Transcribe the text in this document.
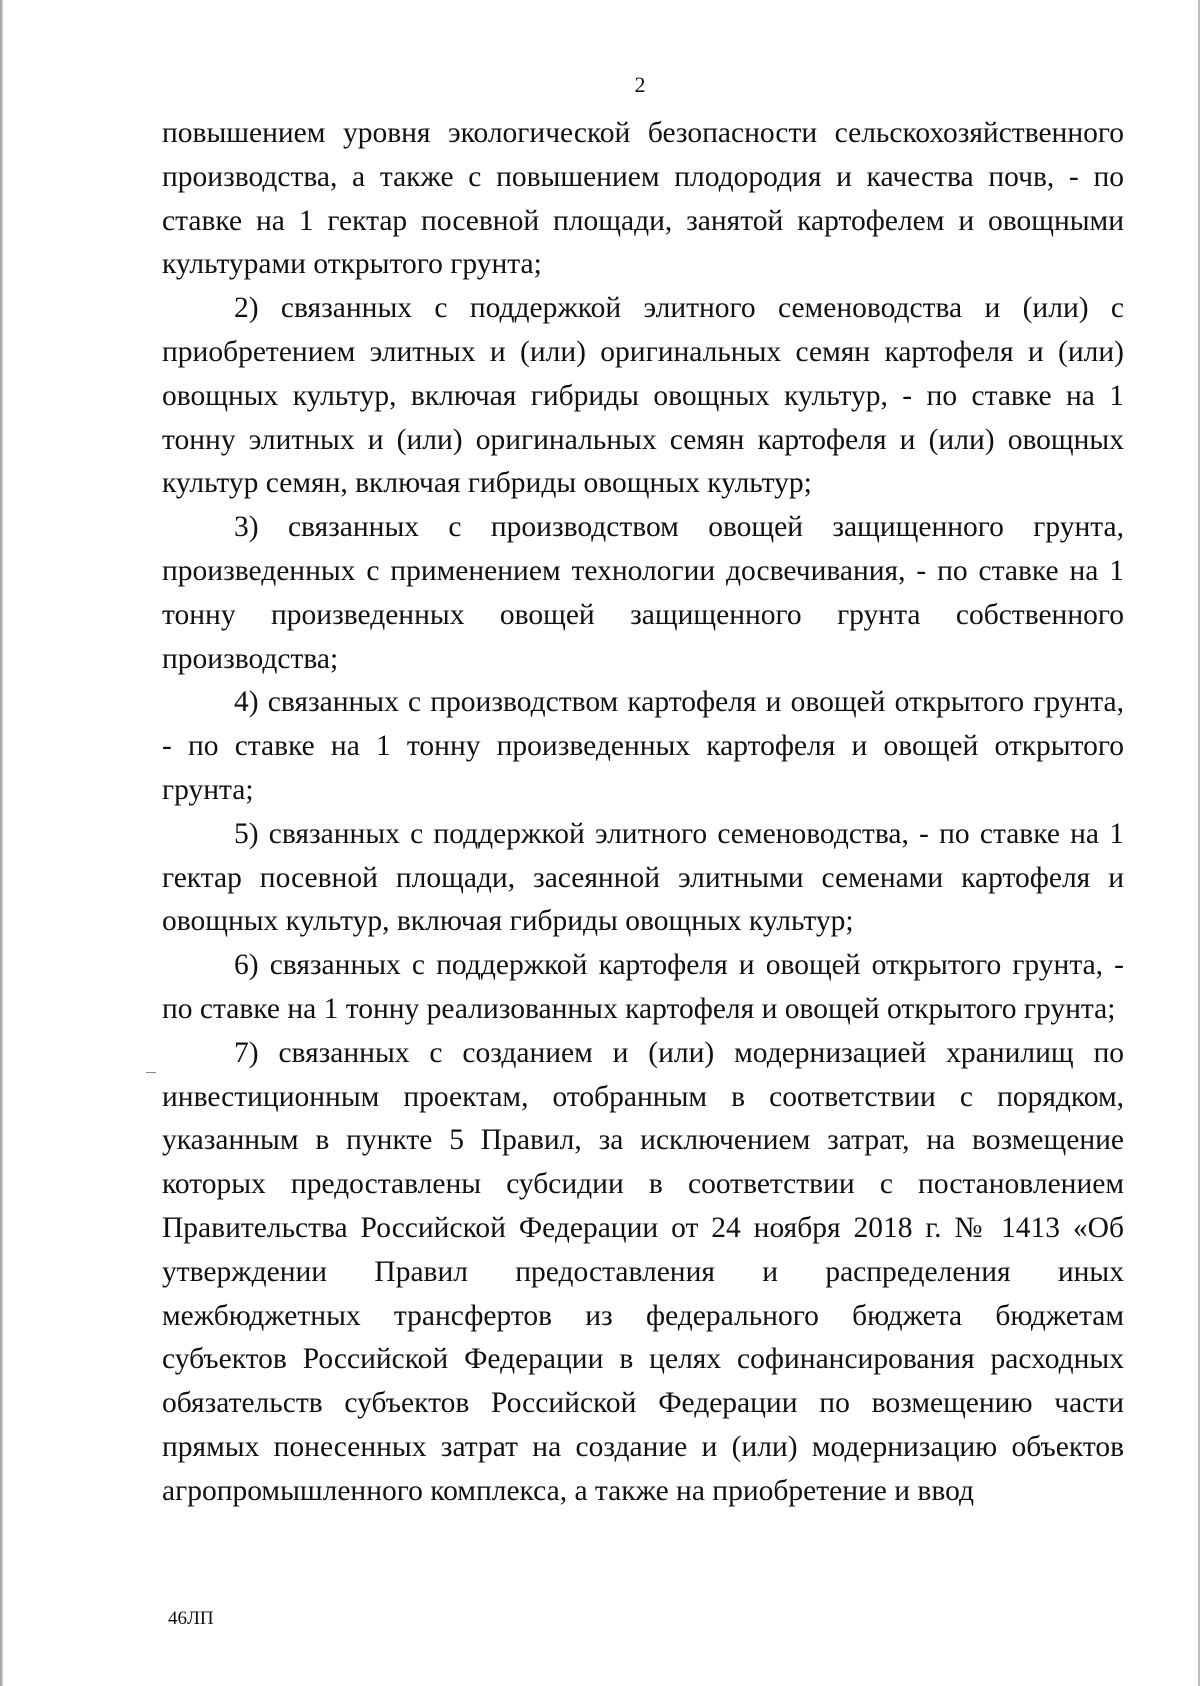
2

повышением уровня экологической безопасности сельскохозяйственного производства, а также с повышением плодородия и качества почв, - по ставке на 1 гектар посевной площади, занятой картофелем и овощными культурами открытого грунта;

2) связанных с поддержкой элитного семеноводства и (или) с приобретением элитных и (или) оригинальных семян картофеля и (или) овощных культур, включая гибриды овощных культур, - по ставке на 1 тонну элитных и (или) оригинальных семян картофеля и (или) овощных культур семян, включая гибриды овощных культур;

3) связанных с производством овощей защищенного грунта, произведенных с применением технологии досвечивания, - по ставке на 1 тонну произведенных овощей защищенного грунта собственного производства;

4) связанных с производством картофеля и овощей открытого грунта, - по ставке на 1 тонну произведенных картофеля и овощей открытого грунта;

5) связанных с поддержкой элитного семеноводства, - по ставке на 1 гектар посевной площади, засеянной элитными семенами картофеля и овощных культур, включая гибриды овощных культур;

6) связанных с поддержкой картофеля и овощей открытого грунта, - по ставке на 1 тонну реализованных картофеля и овощей открытого грунта;

7) связанных с созданием и (или) модернизацией хранилищ по инвестиционным проектам, отобранным в соответствии с порядком, указанным в пункте 5 Правил, за исключением затрат, на возмещение которых предоставлены субсидии в соответствии с постановлением Правительства Российской Федерации от 24 ноября 2018 г. № 1413 «Об утверждении Правил предоставления и распределения иных межбюджетных трансфертов из федерального бюджета бюджетам субъектов Российской Федерации в целях софинансирования расходных обязательств субъектов Российской Федерации по возмещению части прямых понесенных затрат на создание и (или) модернизацию объектов агропромышленного комплекса, а также на приобретение и ввод

46ЛП
